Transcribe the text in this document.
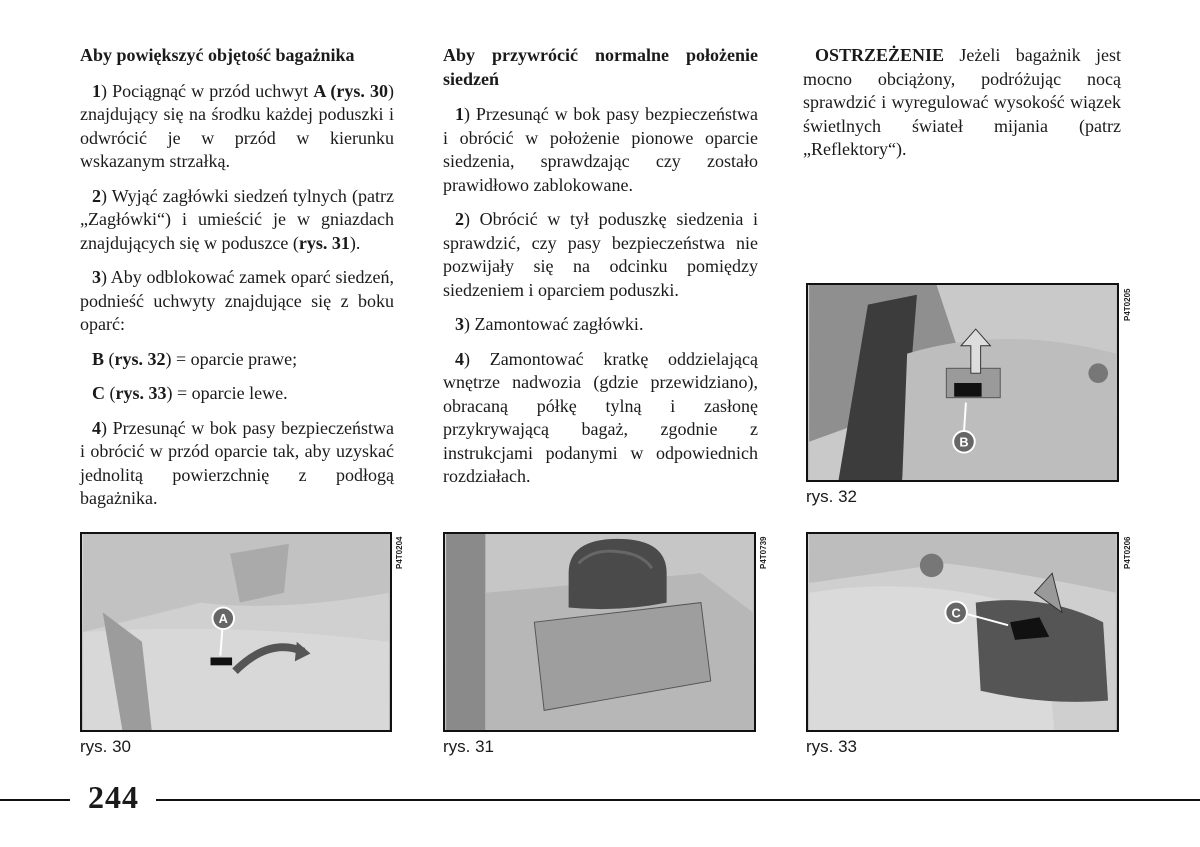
Aby powiększyć objętość bagażnika

1) Pociągnąć w przód uchwyt A (rys. 30) znajdujący się na środku każdej poduszki i odwrócić je w przód w kierunku wskazanym strzałką.

2) Wyjąć zagłówki siedzeń tylnych (patrz „Zagłówki“) i umieścić je w gniazdach znajdujących się w poduszce (rys. 31).

3) Aby odblokować zamek oparć siedzeń, podnieść uchwyty znajdujące się z boku oparć:

B (rys. 32) = oparcie prawe;

C (rys. 33) = oparcie lewe.

4) Przesunąć w bok pasy bezpieczeństwa i obrócić w przód oparcie tak, aby uzyskać jednolitą powierzchnię z podłogą bagażnika.

Aby przywrócić normalne położenie siedzeń

1) Przesunąć w bok pasy bezpieczeństwa i obrócić w położenie pionowe oparcie siedzenia, sprawdzając czy zostało prawidłowo zablokowane.

2) Obrócić w tył poduszkę siedzenia i sprawdzić, czy pasy bezpieczeństwa nie pozwijały się na odcinku pomiędzy siedzeniem i oparciem poduszki.

3) Zamontować zagłówki.

4) Zamontować kratkę oddzielającą wnętrze nadwozia (gdzie przewidziano), obracaną półkę tylną i zasłonę przykrywającą bagaż, zgodnie z instrukcjami podanymi w odpowiednich rozdziałach.

OSTRZEŻENIE Jeżeli bagażnik jest mocno obciążony, podróżując nocą sprawdzić i wyregulować wysokość wiązek świetlnych świateł mijania (patrz „Reflektory“).

B
P4T0205
rys. 32
A
P4T0204
rys. 30
P4T0739
rys. 31
C
P4T0206
rys. 33
244
